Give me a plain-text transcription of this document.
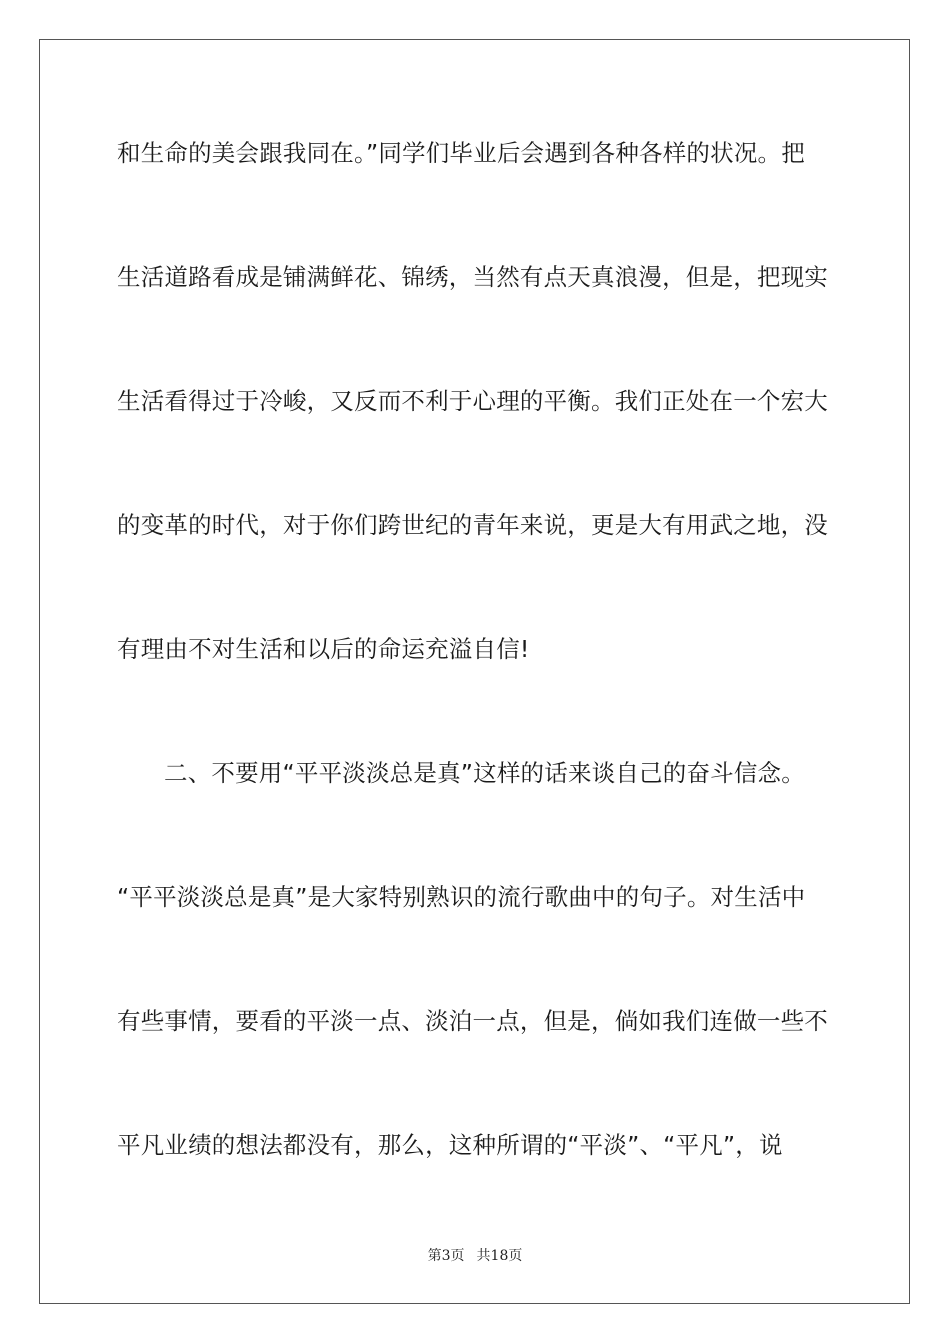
和生命的美会跟我同在。”同学们毕业后会遇到各种各样的状况。把
生活道路看成是铺满鲜花、锦绣，当然有点天真浪漫，但是，把现实
生活看得过于冷峻，又反而不利于心理的平衡。我们正处在一个宏大
的变革的时代，对于你们跨世纪的青年来说，更是大有用武之地，没
有理由不对生活和以后的命运充溢自信!
二、不要用“平平淡淡总是真”这样的话来谈自己的奋斗信念。
“平平淡淡总是真”是大家特别熟识的流行歌曲中的句子。对生活中
有些事情，要看的平淡一点、淡泊一点，但是，倘如我们连做一些不
平凡业绩的想法都没有，那么，这种所谓的“平淡”、“平凡”，说
第3页 共18页
